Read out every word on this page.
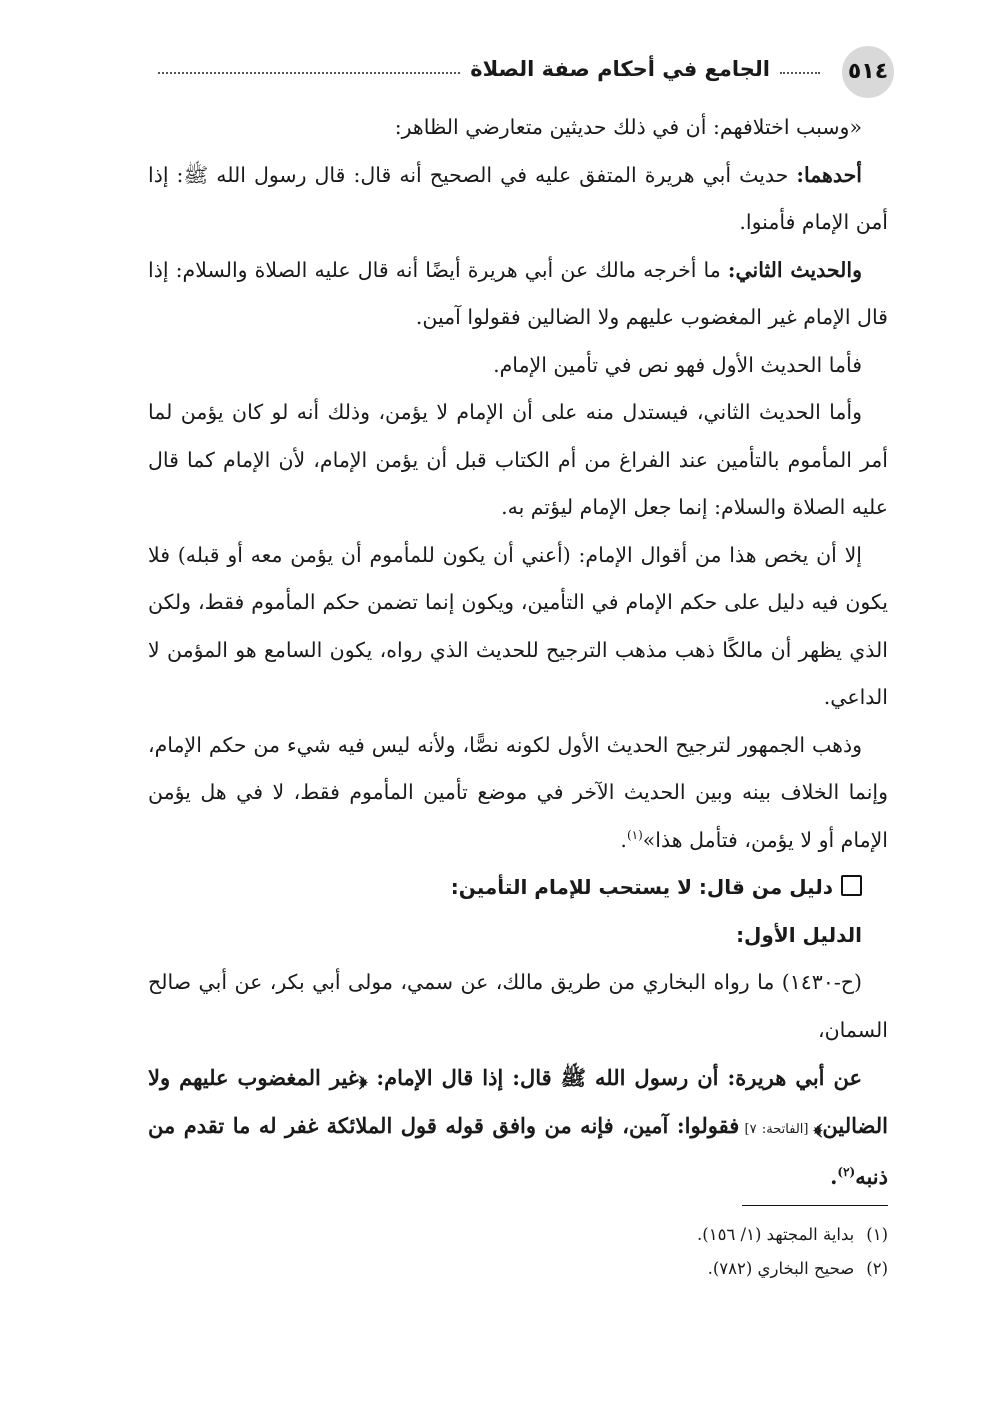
٥١٤
الجامع في أحكام صفة الصلاة

«وسبب اختلافهم: أن في ذلك حديثين متعارضي الظاهر:

أحدهما: حديث أبي هريرة المتفق عليه في الصحيح أنه قال: قال رسول الله ﷺ: إذا أمن الإمام فأمنوا.

والحديث الثاني: ما أخرجه مالك عن أبي هريرة أيضًا أنه قال عليه الصلاة والسلام: إذا قال الإمام غير المغضوب عليهم ولا الضالين فقولوا آمين.

فأما الحديث الأول فهو نص في تأمين الإمام.

وأما الحديث الثاني، فيستدل منه على أن الإمام لا يؤمن، وذلك أنه لو كان يؤمن لما أمر المأموم بالتأمين عند الفراغ من أم الكتاب قبل أن يؤمن الإمام، لأن الإمام كما قال عليه الصلاة والسلام: إنما جعل الإمام ليؤتم به.

إلا أن يخص هذا من أقوال الإمام: (أعني أن يكون للمأموم أن يؤمن معه أو قبله) فلا يكون فيه دليل على حكم الإمام في التأمين، ويكون إنما تضمن حكم المأموم فقط، ولكن الذي يظهر أن مالكًا ذهب مذهب الترجيح للحديث الذي رواه، يكون السامع هو المؤمن لا الداعي.

وذهب الجمهور لترجيح الحديث الأول لكونه نصًّا، ولأنه ليس فيه شيء من حكم الإمام، وإنما الخلاف بينه وبين الحديث الآخر في موضع تأمين المأموم فقط، لا في هل يؤمن الإمام أو لا يؤمن، فتأمل هذا»$^{(١)}$.

دليل من قال: لا يستحب للإمام التأمين:

الدليل الأول:

(ح-١٤٣٠) ما رواه البخاري من طريق مالك، عن سمي، مولى أبي بكر، عن أبي صالح السمان،

عن أبي هريرة: أن رسول الله ﷺ قال: إذا قال الإمام: ﴿غير المغضوب عليهم ولا الضالين﴾ [الفاتحة: ٧] فقولوا: آمين، فإنه من وافق قوله قول الملائكة غفر له ما تقدم من ذنبه$^{(٢)}$.

(١)بداية المجتهد (١/ ١٥٦).

(٢)صحيح البخاري (٧٨٢).
